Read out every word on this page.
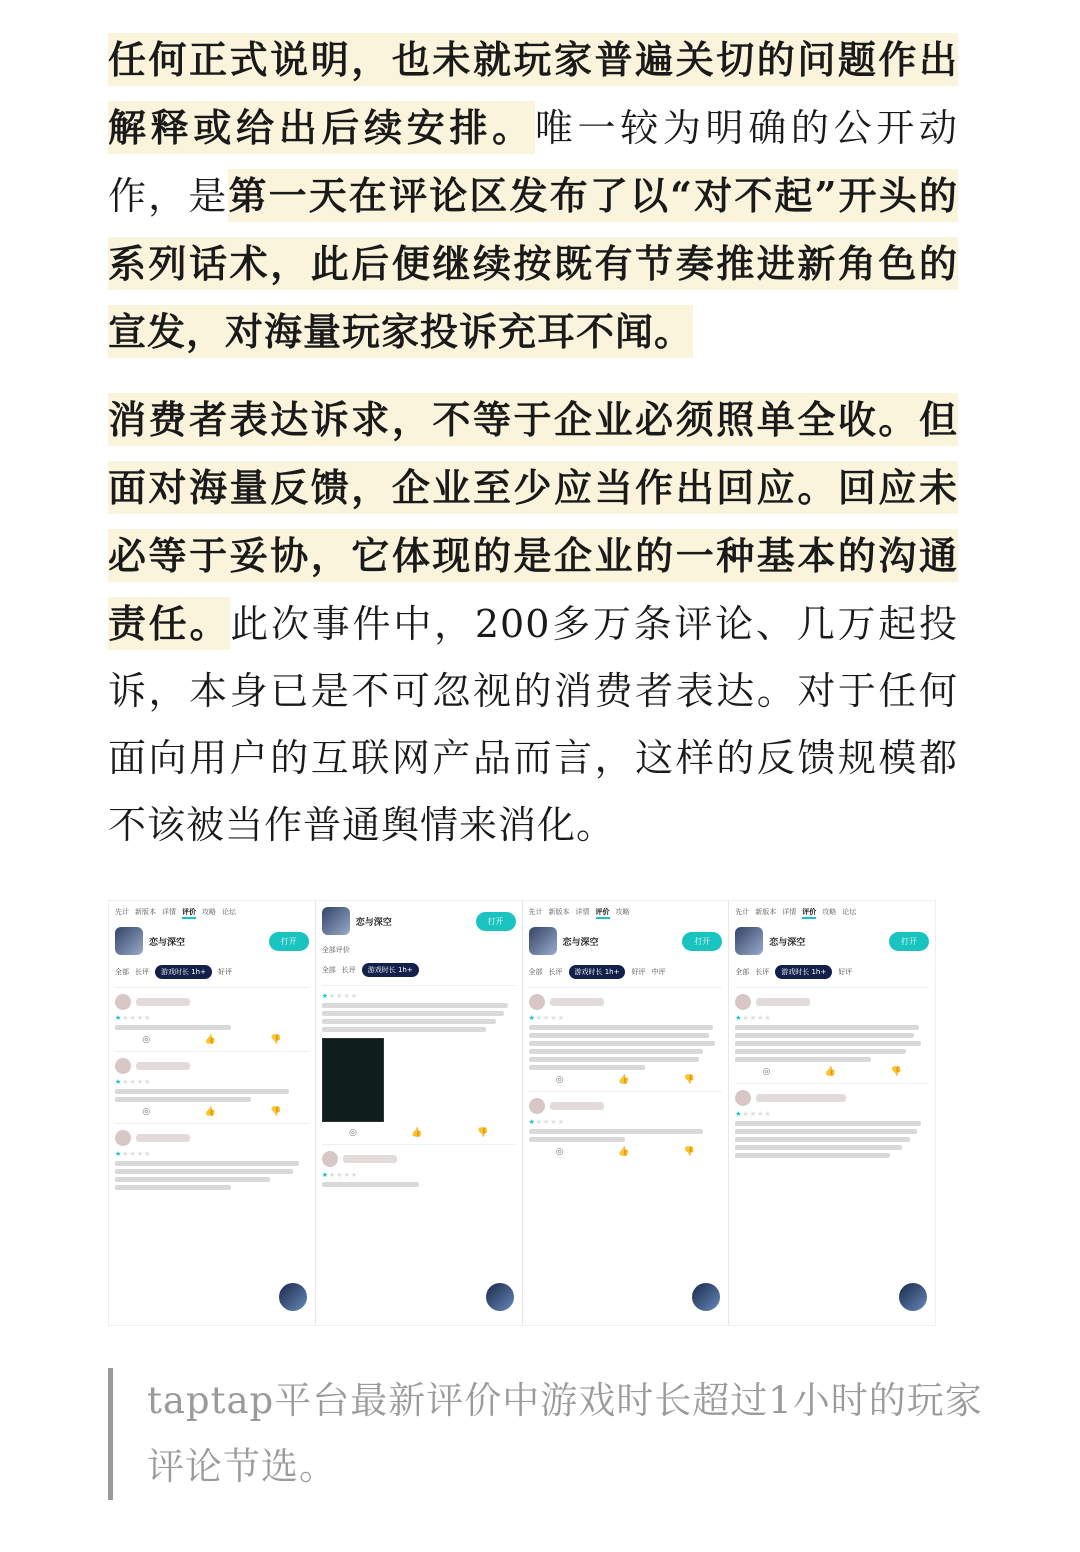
任何正式说明，也未就玩家普遍关切的问题作出解释或给出后续安排。唯一较为明确的公开动作，是第一天在评论区发布了以“对不起”开头的系列话术，此后便继续按既有节奏推进新角色的宣发，对海量玩家投诉充耳不闻。

消费者表达诉求，不等于企业必须照单全收。但面对海量反馈，企业至少应当作出回应。回应未必等于妥协，它体现的是企业的一种基本的沟通责任。此次事件中，200多万条评论、几万起投诉，本身已是不可忽视的消费者表达。对于任何面向用户的互联网产品而言，这样的反馈规模都不该被当作普通舆情来消化。

先计 新版本 详情 评价 攻略 论坛
恋与深空	打开
全部 长评	游戏时长 1h+	好评
★★★★★
◎	👍	👎
★★★★★
◎	👍	👎
★★★★★
恋与深空	打开
全部评价
全部 长评	游戏时长 1h+
★★★★★
◎	👍	👎
★★★★★
先计 新版本 详情 评价 攻略
恋与深空	打开
全部 长评	游戏时长 1h+	好评 中评
★★★★★
◎	👍	👎
★★★★★
◎	👍	👎
先计 新版本 详情 评价 攻略 论坛
恋与深空	打开
全部 长评	游戏时长 1h+	好评
★★★★★
◎	👍	👎
★★★★★
taptap平台最新评价中游戏时长超过1小时的玩家评论节选。
